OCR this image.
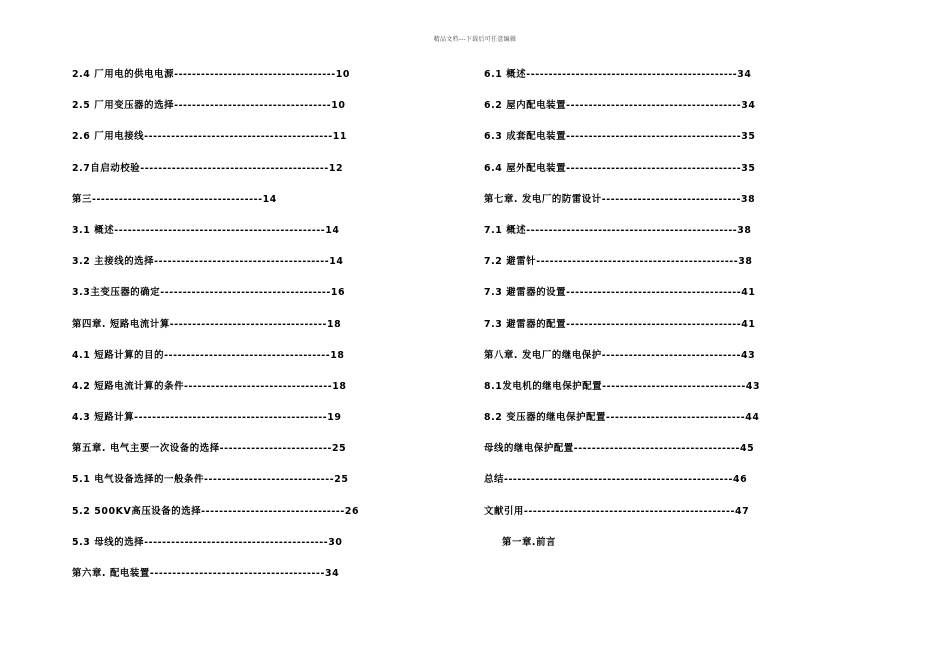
精品文档---下载后可任意编辑
2.4 厂用电的供电电源------------------------------------10
2.5 厂用变压器的选择-----------------------------------10
2.6 厂用电接线------------------------------------------11
2.7自启动校验------------------------------------------12
第三--------------------------------------14
3.1 概述-----------------------------------------------14
3.2 主接线的选择---------------------------------------14
3.3主变压器的确定--------------------------------------16
第四章. 短路电流计算-----------------------------------18
4.1 短路计算的目的-------------------------------------18
4.2 短路电流计算的条件---------------------------------18
4.3 短路计算-------------------------------------------19
第五章. 电气主要一次设备的选择-------------------------25
5.1 电气设备选择的一般条件-----------------------------25
5.2 500KV高压设备的选择--------------------------------26
5.3 母线的选择-----------------------------------------30
第六章. 配电装置---------------------------------------34
6.1 概述-----------------------------------------------34
6.2 屋内配电装置---------------------------------------34
6.3 成套配电装置---------------------------------------35
6.4 屋外配电装置---------------------------------------35
第七章. 发电厂的防雷设计-------------------------------38
7.1 概述-----------------------------------------------38
7.2 避雷针---------------------------------------------38
7.3 避雷器的设置---------------------------------------41
7.3 避雷器的配置---------------------------------------41
第八章. 发电厂的继电保护-------------------------------43
8.1发电机的继电保护配置--------------------------------43
8.2 变压器的继电保护配置-------------------------------44
母线的继电保护配置-------------------------------------45
总结---------------------------------------------------46
文献引用-----------------------------------------------47
第一章.前言
